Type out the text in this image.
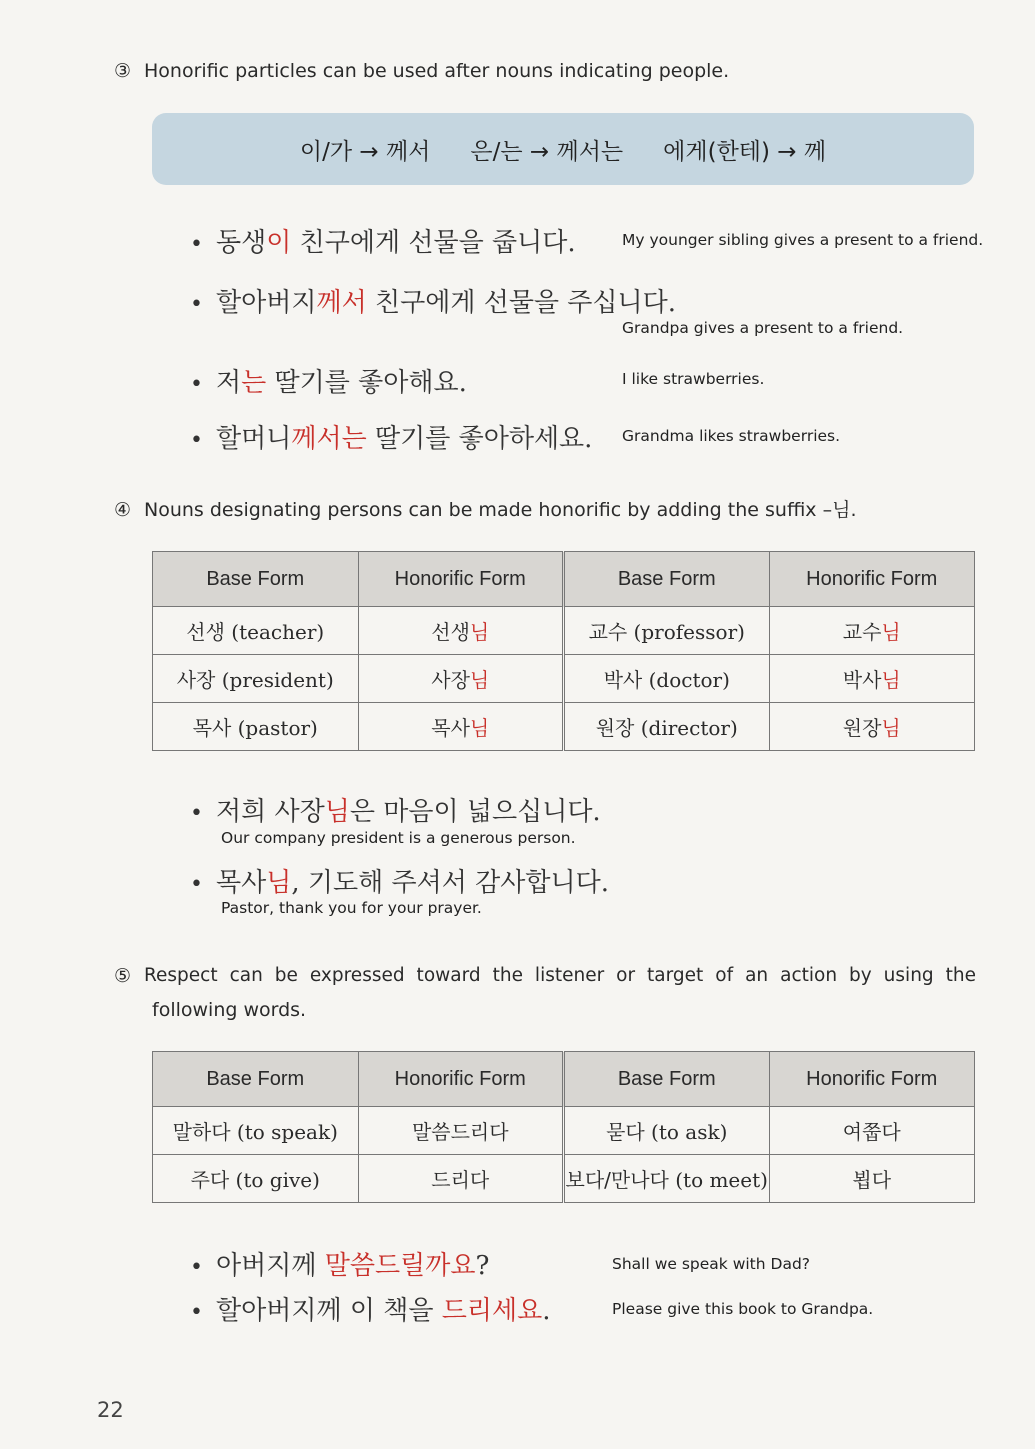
③ Honorific particles can be used after nouns indicating people.
이/가 → 께서 은/는 → 께서는 에게(한테) → 께
• 동생이 친구에게 선물을 줍니다.	My younger sibling gives a present to a friend.
• 할아버지께서 친구에게 선물을 주십니다.
Grandpa gives a present to a friend.
• 저는 딸기를 좋아해요.	I like strawberries.
• 할머니께서는 딸기를 좋아하세요. Grandma likes strawberries.
④ Nouns designating persons can be made honorific by adding the suffix –님.
Base Form	Honorific Form	Base Form	Honorific Form
선생 (teacher)	선생님	교수 (professor)	교수님
사장 (president)	사장님	박사 (doctor)	박사님
목사 (pastor)	목사님	원장 (director)	원장님
• 저희 사장님은 마음이 넓으십니다.
Our company president is a generous person.
• 목사님, 기도해 주셔서 감사합니다.
Pastor, thank you for your prayer.
⑤ Respect can be expressed toward the listener or target of an action by using the
following words.
Base Form	Honorific Form	Base Form	Honorific Form
말하다 (to speak)	말씀드리다	묻다 (to ask)	여쭙다
주다 (to give)	드리다	보다/만나다 (to meet)	뵙다
• 아버지께 말씀드릴까요?	Shall we speak with Dad?
• 할아버지께 이 책을 드리세요.	Please give this book to Grandpa.
22
